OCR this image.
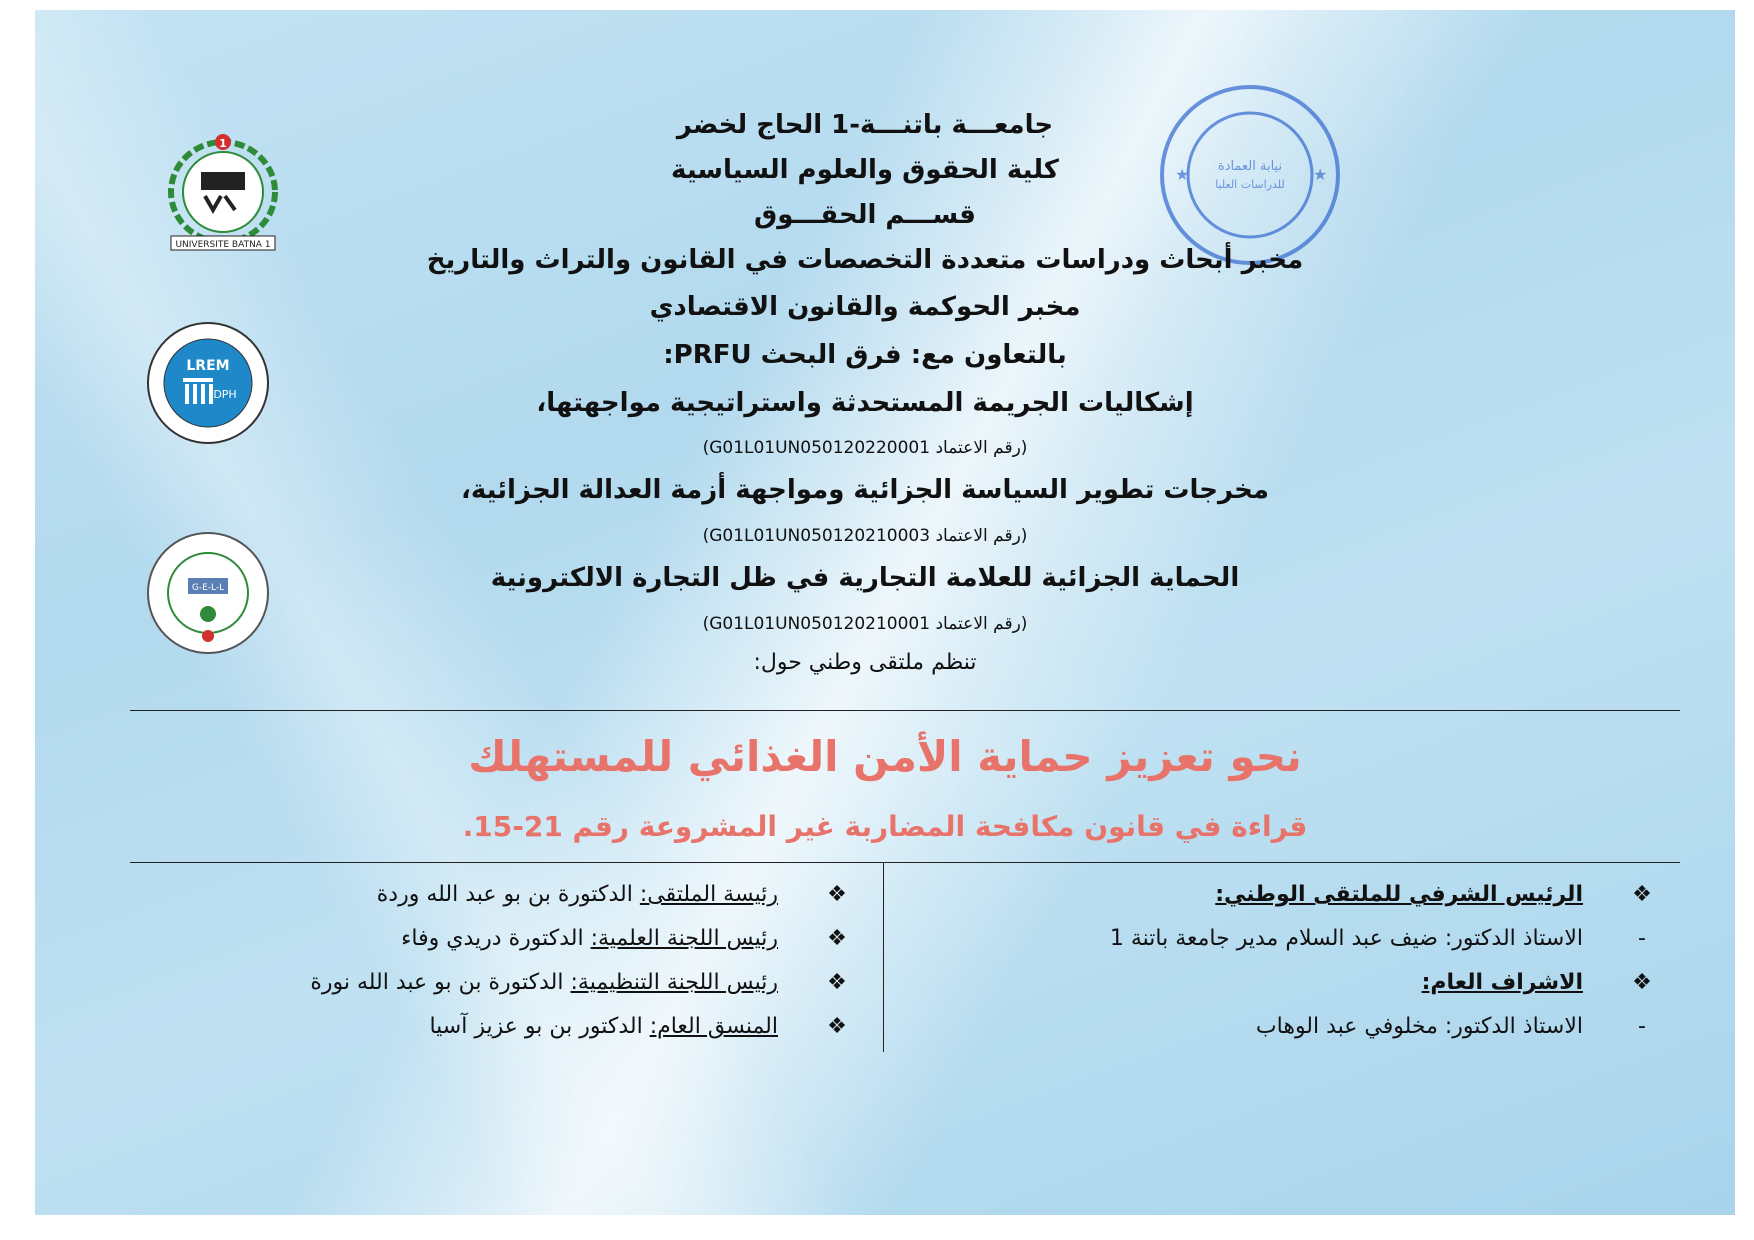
نيابة العمادة
للدراسات العليا
★	★
1
UNIVERSITE BATNA 1
LREM
DPH
G-E-L-L
جامعـــة باتنـــة-1 الحاج لخضر
كلية الحقوق والعلوم السياسية
قســـم الحقـــوق
مخبر أبحاث ودراسات متعددة التخصصات في القانون والتراث والتاريخ
مخبر الحوكمة والقانون الاقتصادي
بالتعاون مع: فرق البحث PRFU:
إشكاليات الجريمة المستحدثة واستراتيجية مواجهتها،
(رقم الاعتماد G01L01UN050120220001)
مخرجات تطوير السياسة الجزائية ومواجهة أزمة العدالة الجزائية،
(رقم الاعتماد G01L01UN050120210003)
الحماية الجزائية للعلامة التجارية في ظل التجارة الالكترونية
(رقم الاعتماد G01L01UN050120210001)
تنظم ملتقى وطني حول:
نحو تعزيز حماية الأمن الغذائي للمستهلك
قراءة في قانون مكافحة المضاربة غير المشروعة رقم 21-15.
❖
الرئيس الشرفي للملتقى الوطني:
-
الاستاذ الدكتور: ضيف عبد السلام مدير جامعة باتنة 1
❖
الاشراف العام:
-
الاستاذ الدكتور: مخلوفي عبد الوهاب
❖
رئيسة الملتقى: الدكتورة بن بو عبد الله وردة
❖
رئيس اللجنة العلمية: الدكتورة دريدي وفاء
❖
رئيس اللجنة التنظيمية: الدكتورة بن بو عبد الله نورة
❖
المنسق العام: الدكتور بن بو عزيز آسيا
